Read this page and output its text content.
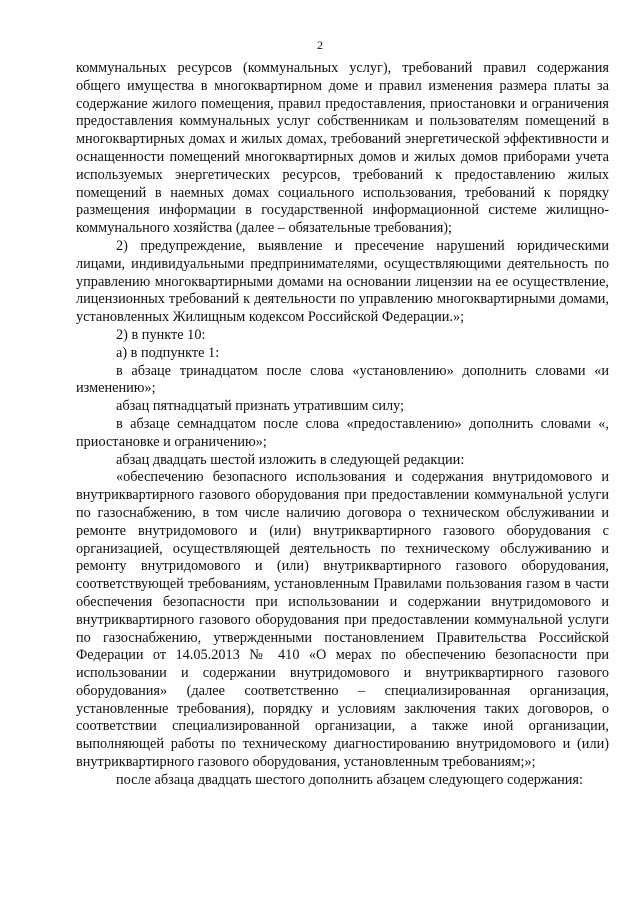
2

коммунальных ресурсов (коммунальных услуг), требований правил содержания общего имущества в многоквартирном доме и правил изменения размера платы за содержание жилого помещения, правил предоставления, приостановки и ограничения предоставления коммунальных услуг собственникам и пользователям помещений в многоквартирных домах и жилых домах, требований энергетической эффективности и оснащенности помещений многоквартирных домов и жилых домов приборами учета используемых энергетических ресурсов, требований к предоставлению жилых помещений в наемных домах социального использования, требований к порядку размещения информации в государственной информационной системе жилищно-коммунального хозяйства (далее – обязательные требования);

2) предупреждение, выявление и пресечение нарушений юридическими лицами, индивидуальными предпринимателями, осуществляющими деятельность по управлению многоквартирными домами на основании лицензии на ее осуществление, лицензионных требований к деятельности по управлению многоквартирными домами, установленных Жилищным кодексом Российской Федерации.»;

2) в пункте 10:

а) в подпункте 1:

в абзаце тринадцатом после слова «установлению» дополнить словами «и изменению»;

абзац пятнадцатый признать утратившим силу;

в абзаце семнадцатом после слова «предоставлению» дополнить словами «, приостановке и ограничению»;

абзац двадцать шестой изложить в следующей редакции:

«обеспечению безопасного использования и содержания внутридомового и внутриквартирного газового оборудования при предоставлении коммунальной услуги по газоснабжению, в том числе наличию договора о техническом обслуживании и ремонте внутридомового и (или) внутриквартирного газового оборудования с организацией, осуществляющей деятельность по техническому обслуживанию и ремонту внутридомового и (или) внутриквартирного газового оборудования, соответствующей требованиям, установленным Правилами пользования газом в части обеспечения безопасности при использовании и содержании внутридомового и внутриквартирного газового оборудования при предоставлении коммунальной услуги по газоснабжению, утвержденными постановлением Правительства Российской Федерации от 14.05.2013 № 410 «О мерах по обеспечению безопасности при использовании и содержании внутридомового и внутриквартирного газового оборудования» (далее соответственно – специализированная организация, установленные требования), порядку и условиям заключения таких договоров, о соответствии специализированной организации, а также иной организации, выполняющей работы по техническому диагностированию внутридомового и (или) внутриквартирного газового оборудования, установленным требованиям;»;

после абзаца двадцать шестого дополнить абзацем следующего содержания:
